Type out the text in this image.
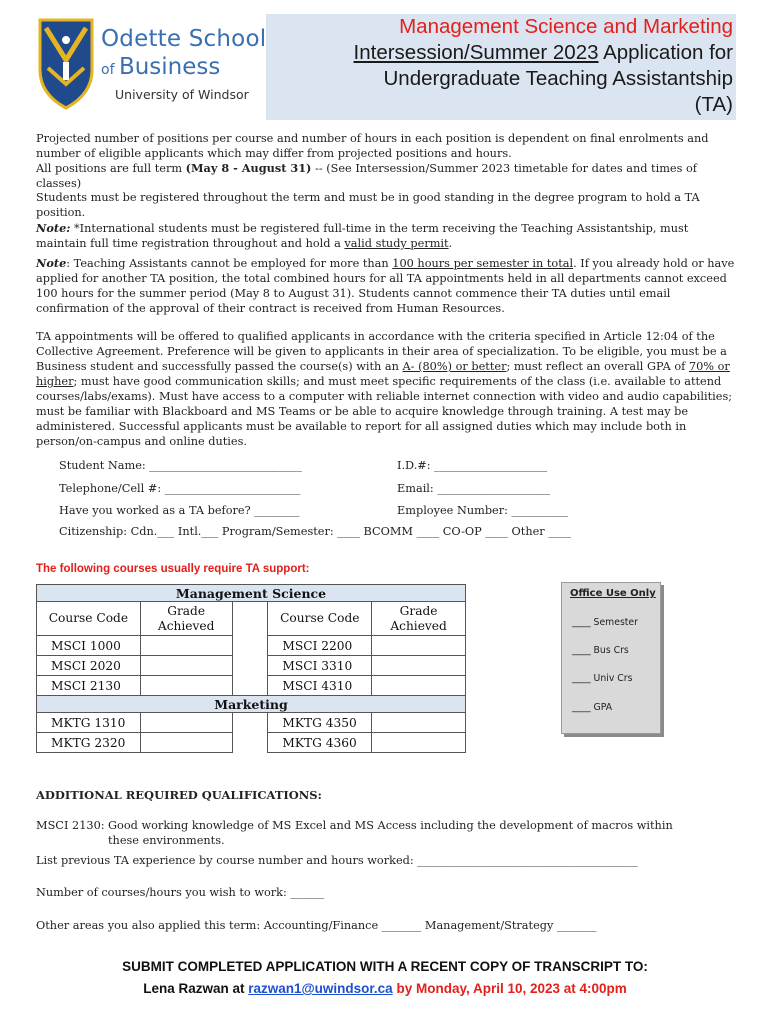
Odette School
of Business
University of Windsor
Management Science and Marketing
Intersession/Summer 2023 Application for
Undergraduate Teaching Assistantship
(TA)
Projected number of positions per course and number of hours in each position is dependent on final enrolments and number of eligible applicants which may differ from projected positions and hours.
All positions are full term (May 8 - August 31) -- (See Intersession/Summer 2023 timetable for dates and times of classes)
Students must be registered throughout the term and must be in good standing in the degree program to hold a TA position.
Note: *International students must be registered full-time in the term receiving the Teaching Assistantship, must maintain full time registration throughout and hold a valid study permit.
Note: Teaching Assistants cannot be employed for more than 100 hours per semester in total. If you already hold or have applied for another TA position, the total combined hours for all TA appointments held in all departments cannot exceed 100 hours for the summer period (May 8 to August 31). Students cannot commence their TA duties until email confirmation of the approval of their contract is received from Human Resources.
TA appointments will be offered to qualified applicants in accordance with the criteria specified in Article 12:04 of the Collective Agreement. Preference will be given to applicants in their area of specialization. To be eligible, you must be a Business student and successfully passed the course(s) with an A- (80%) or better; must reflect an overall GPA of 70% or higher; must have good communication skills; and must meet specific requirements of the class (i.e. available to attend courses/labs/exams). Must have access to a computer with reliable internet connection with video and audio capabilities; must be familiar with Blackboard and MS Teams or be able to acquire knowledge through training. A test may be administered. Successful applicants must be available to report for all assigned duties which may include both in person/on-campus and online duties.
Student Name: ___________________________	I.D.#: ____________________
Telephone/Cell #: ________________________	Email: ____________________
Have you worked as a TA before? ________	Employee Number: __________
Citizenship: Cdn.___ Intl.___ Program/Semester: ____ BCOMM ____ CO-OP ____ Other ____
The following courses usually require TA support:
Management Science				
Course Code	Grade Achieved		Course Code	Grade Achieved
MSCI 1000			MSCI 2200	
MSCI 2020			MSCI 3310	
MSCI 2130			MSCI 4310	
Marketing				
MKTG 1310			MKTG 4350	
MKTG 2320			MKTG 4360	
Office Use Only
____ Semester
____ Bus Crs
____ Univ Crs
____ GPA
ADDITIONAL REQUIRED QUALIFICATIONS:
MSCI 2130: Good working knowledge of MS Excel and MS Access including the development of macros within these environments.
List previous TA experience by course number and hours worked: _______________________________________
Number of courses/hours you wish to work: ______
Other areas you also applied this term: Accounting/Finance _______ Management/Strategy _______
SUBMIT COMPLETED APPLICATION WITH A RECENT COPY OF TRANSCRIPT TO:
Lena Razwan at razwan1@uwindsor.ca by Monday, April 10, 2023 at 4:00pm
